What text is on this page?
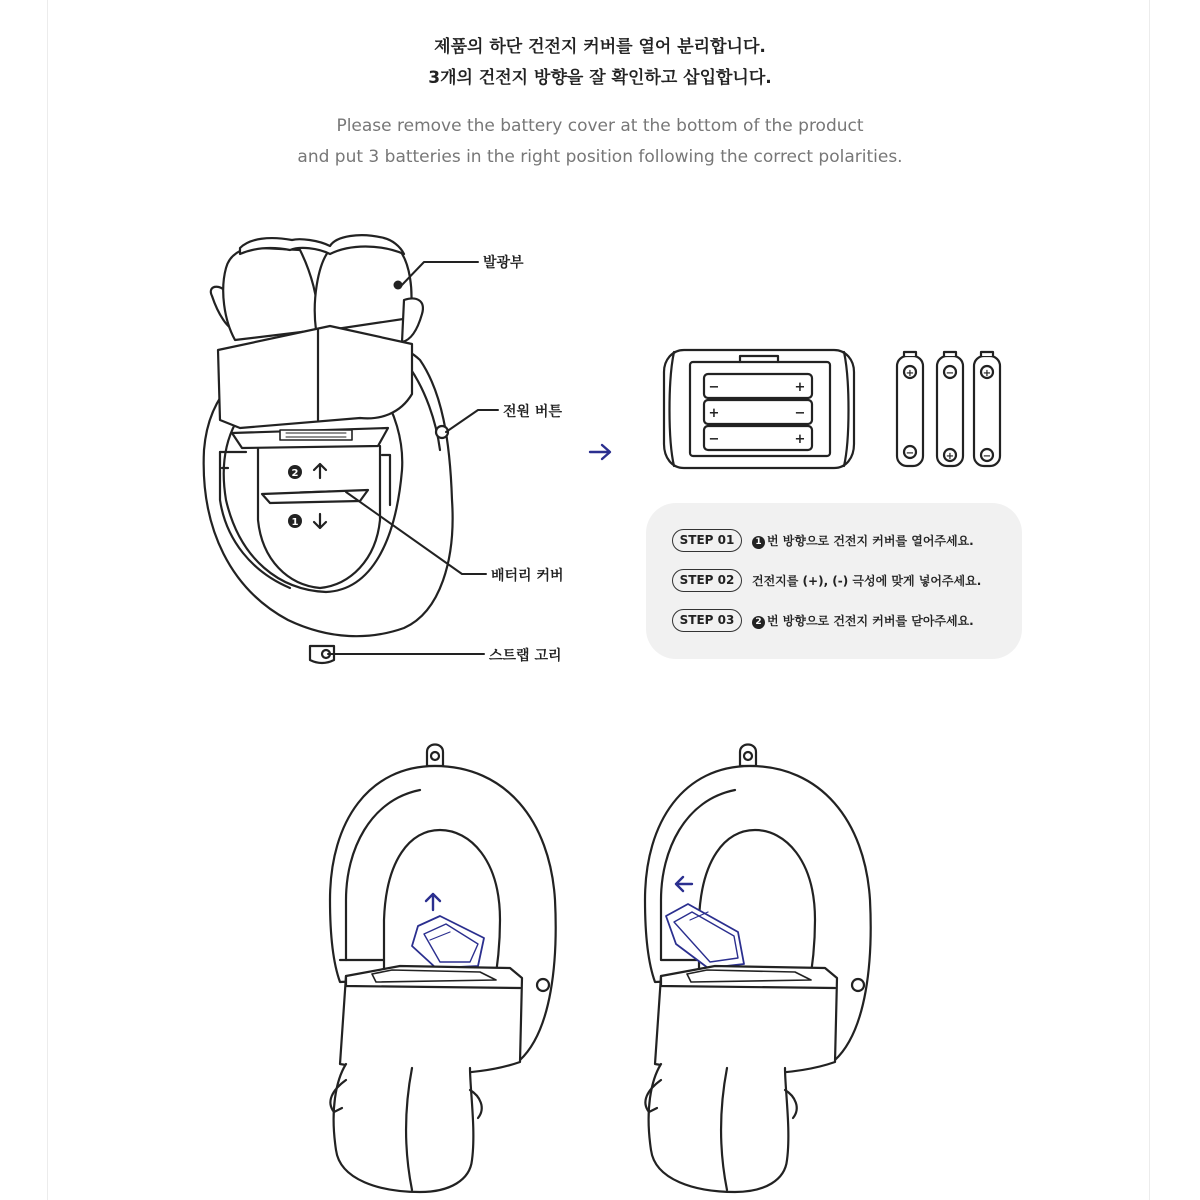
제품의 하단 건전지 커버를 열어 분리합니다.
3개의 건전지 방향을 잘 확인하고 삽입합니다.
Please remove the battery cover at the bottom of the product
and put 3 batteries in the right position following the correct polarities.
2
1
−	+
+	−
−	+
+
−
−
+
+
−
발광부
전원 버튼
배터리 커버
스트랩 고리
STEP 01	1 번 방향으로 건전지 커버를 열어주세요.
STEP 02	건전지를 (+), (-) 극성에 맞게 넣어주세요.
STEP 03	2 번 방향으로 건전지 커버를 닫아주세요.
